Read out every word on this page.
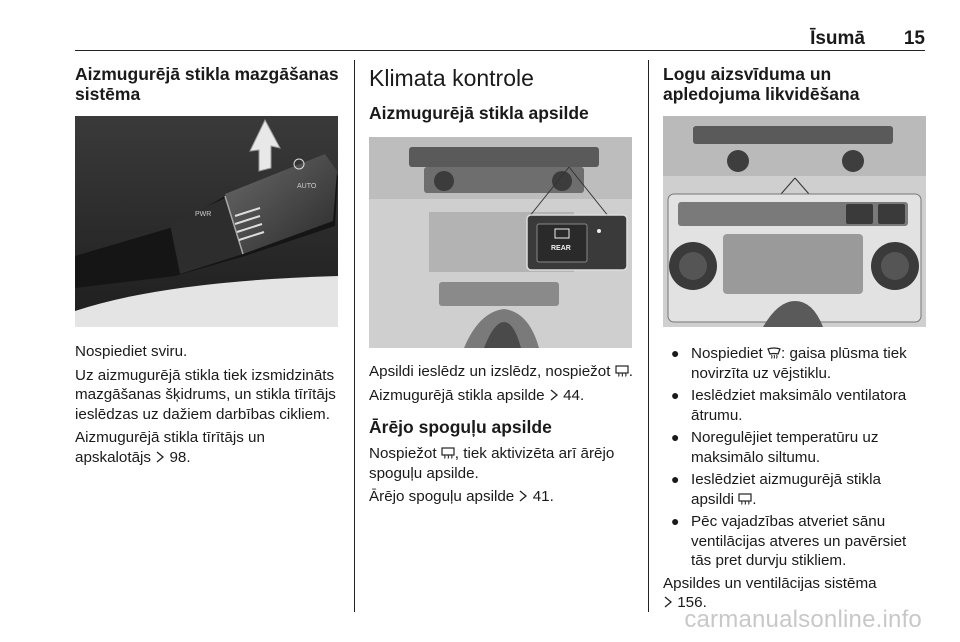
Īsumā 15
Aizmugurējā stikla mazgāšanas sistēma
PWR
AUTO

Nospiediet sviru.

Uz aizmugurējā stikla tiek izsmidzināts mazgāšanas šķidrums, un stikla tīrītājs ieslēdzas uz dažiem darbības cikliem.

Aizmugurējā stikla tīrītājs un apskalotājs 98.

Klimata kontrole
Aizmugurējā stikla apsilde
REAR

Apsildi ieslēdz un izslēdz, nospiežot .

Aizmugurējā stikla apsilde 44.

Ārējo spoguļu apsilde

Nospiežot , tiek aktivizēta arī ārējo spoguļu apsilde.

Ārējo spoguļu apsilde 41.

Logu aizsvīduma un apledojuma likvidēšana
● Nospiediet : gaisa plūsma tiek novirzīta uz vējstiklu.
● Ieslēdziet maksimālo ventilatora ātrumu.
● Noregulējiet temperatūru uz maksimālo siltumu.
● Ieslēdziet aizmugurējā stikla apsildi .
● Pēc vajadzības atveriet sānu ventilācijas atveres un pavērsiet tās pret durvju stikliem.

Apsildes un ventilācijas sistēma
156.

carmanualsonline.info
